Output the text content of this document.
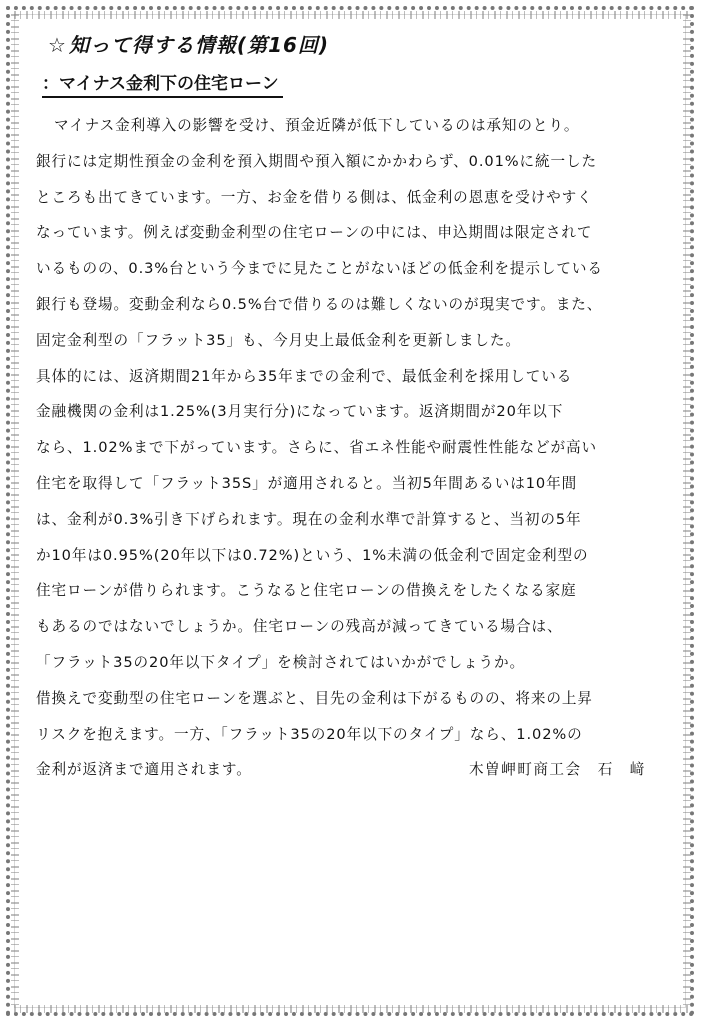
☆ 知って得する情報(第16回)
：マイナス金利下の住宅ローン
マイナス金利導入の影響を受け、預金近隣が低下しているのは承知のとり。
銀行には定期性預金の金利を預入期間や預入額にかかわらず、0.01%に統一した
ところも出てきています。一方、お金を借りる側は、低金利の恩恵を受けやすく
なっています。例えば変動金利型の住宅ローンの中には、申込期間は限定されて
いるものの、0.3%台という今までに見たことがないほどの低金利を提示している
銀行も登場。変動金利なら0.5%台で借りるのは難しくないのが現実です。また、
固定金利型の「フラット35」も、今月史上最低金利を更新しました。
具体的には、返済期間21年から35年までの金利で、最低金利を採用している
金融機関の金利は1.25%(3月実行分)になっています。返済期間が20年以下
なら、1.02%まで下がっています。さらに、省エネ性能や耐震性性能などが高い
住宅を取得して「フラット35S」が適用されると。当初5年間あるいは10年間
は、金利が0.3%引き下げられます。現在の金利水準で計算すると、当初の5年
か10年は0.95%(20年以下は0.72%)という、1%未満の低金利で固定金利型の
住宅ローンが借りられます。こうなると住宅ローンの借換えをしたくなる家庭
もあるのではないでしょうか。住宅ローンの残高が減ってきている場合は、
「フラット35の20年以下タイプ」を検討されてはいかがでしょうか。
借換えで変動型の住宅ローンを選ぶと、目先の金利は下がるものの、将来の上昇
リスクを抱えます。一方、「フラット35の20年以下のタイプ」なら、1.02%の
金利が返済まで適用されます。	木曽岬町商工会　石　﨑
